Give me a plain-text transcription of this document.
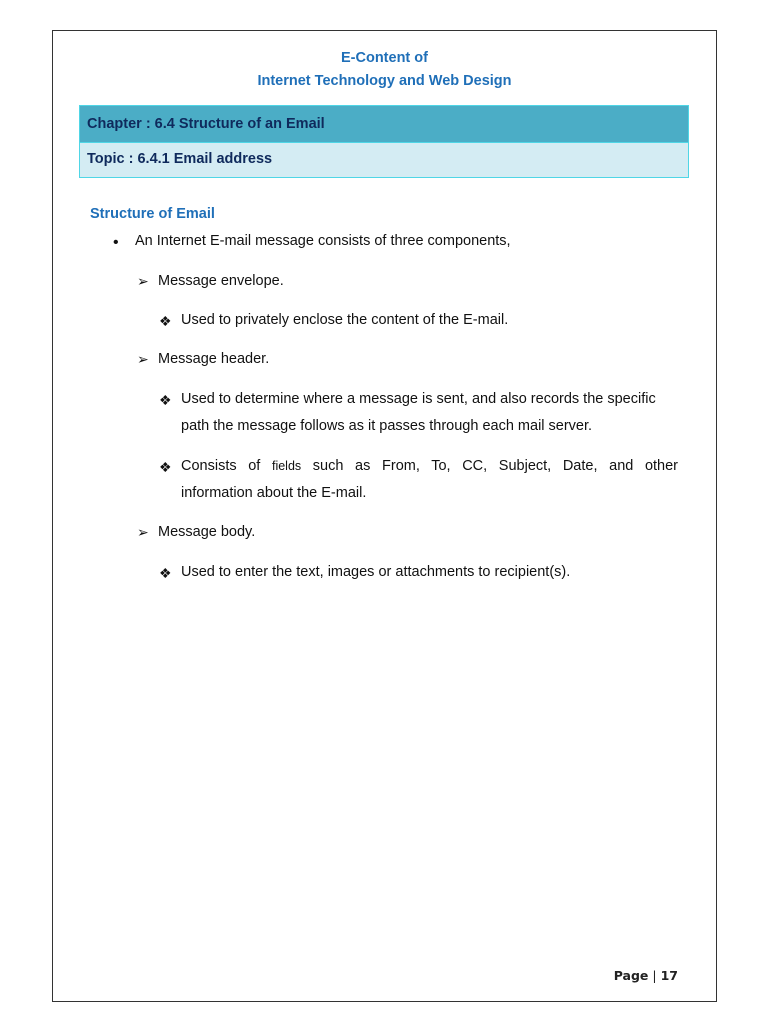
E-Content of
Internet Technology and Web Design
Chapter : 6.4 Structure of an Email
Topic : 6.4.1 Email address
Structure of Email
• An Internet E-mail message consists of three components,
➢ Message envelope.
❖ Used to privately enclose the content of the E-mail.
➢ Message header.
❖ Used to determine where a message is sent, and also records the specific
path the message follows as it passes through each mail server.
❖ Consists of fields such as From, To, CC, Subject, Date, and other
information about the E-mail.
➢ Message body.
❖ Used to enter the text, images or attachments to recipient(s).
Page | 17
